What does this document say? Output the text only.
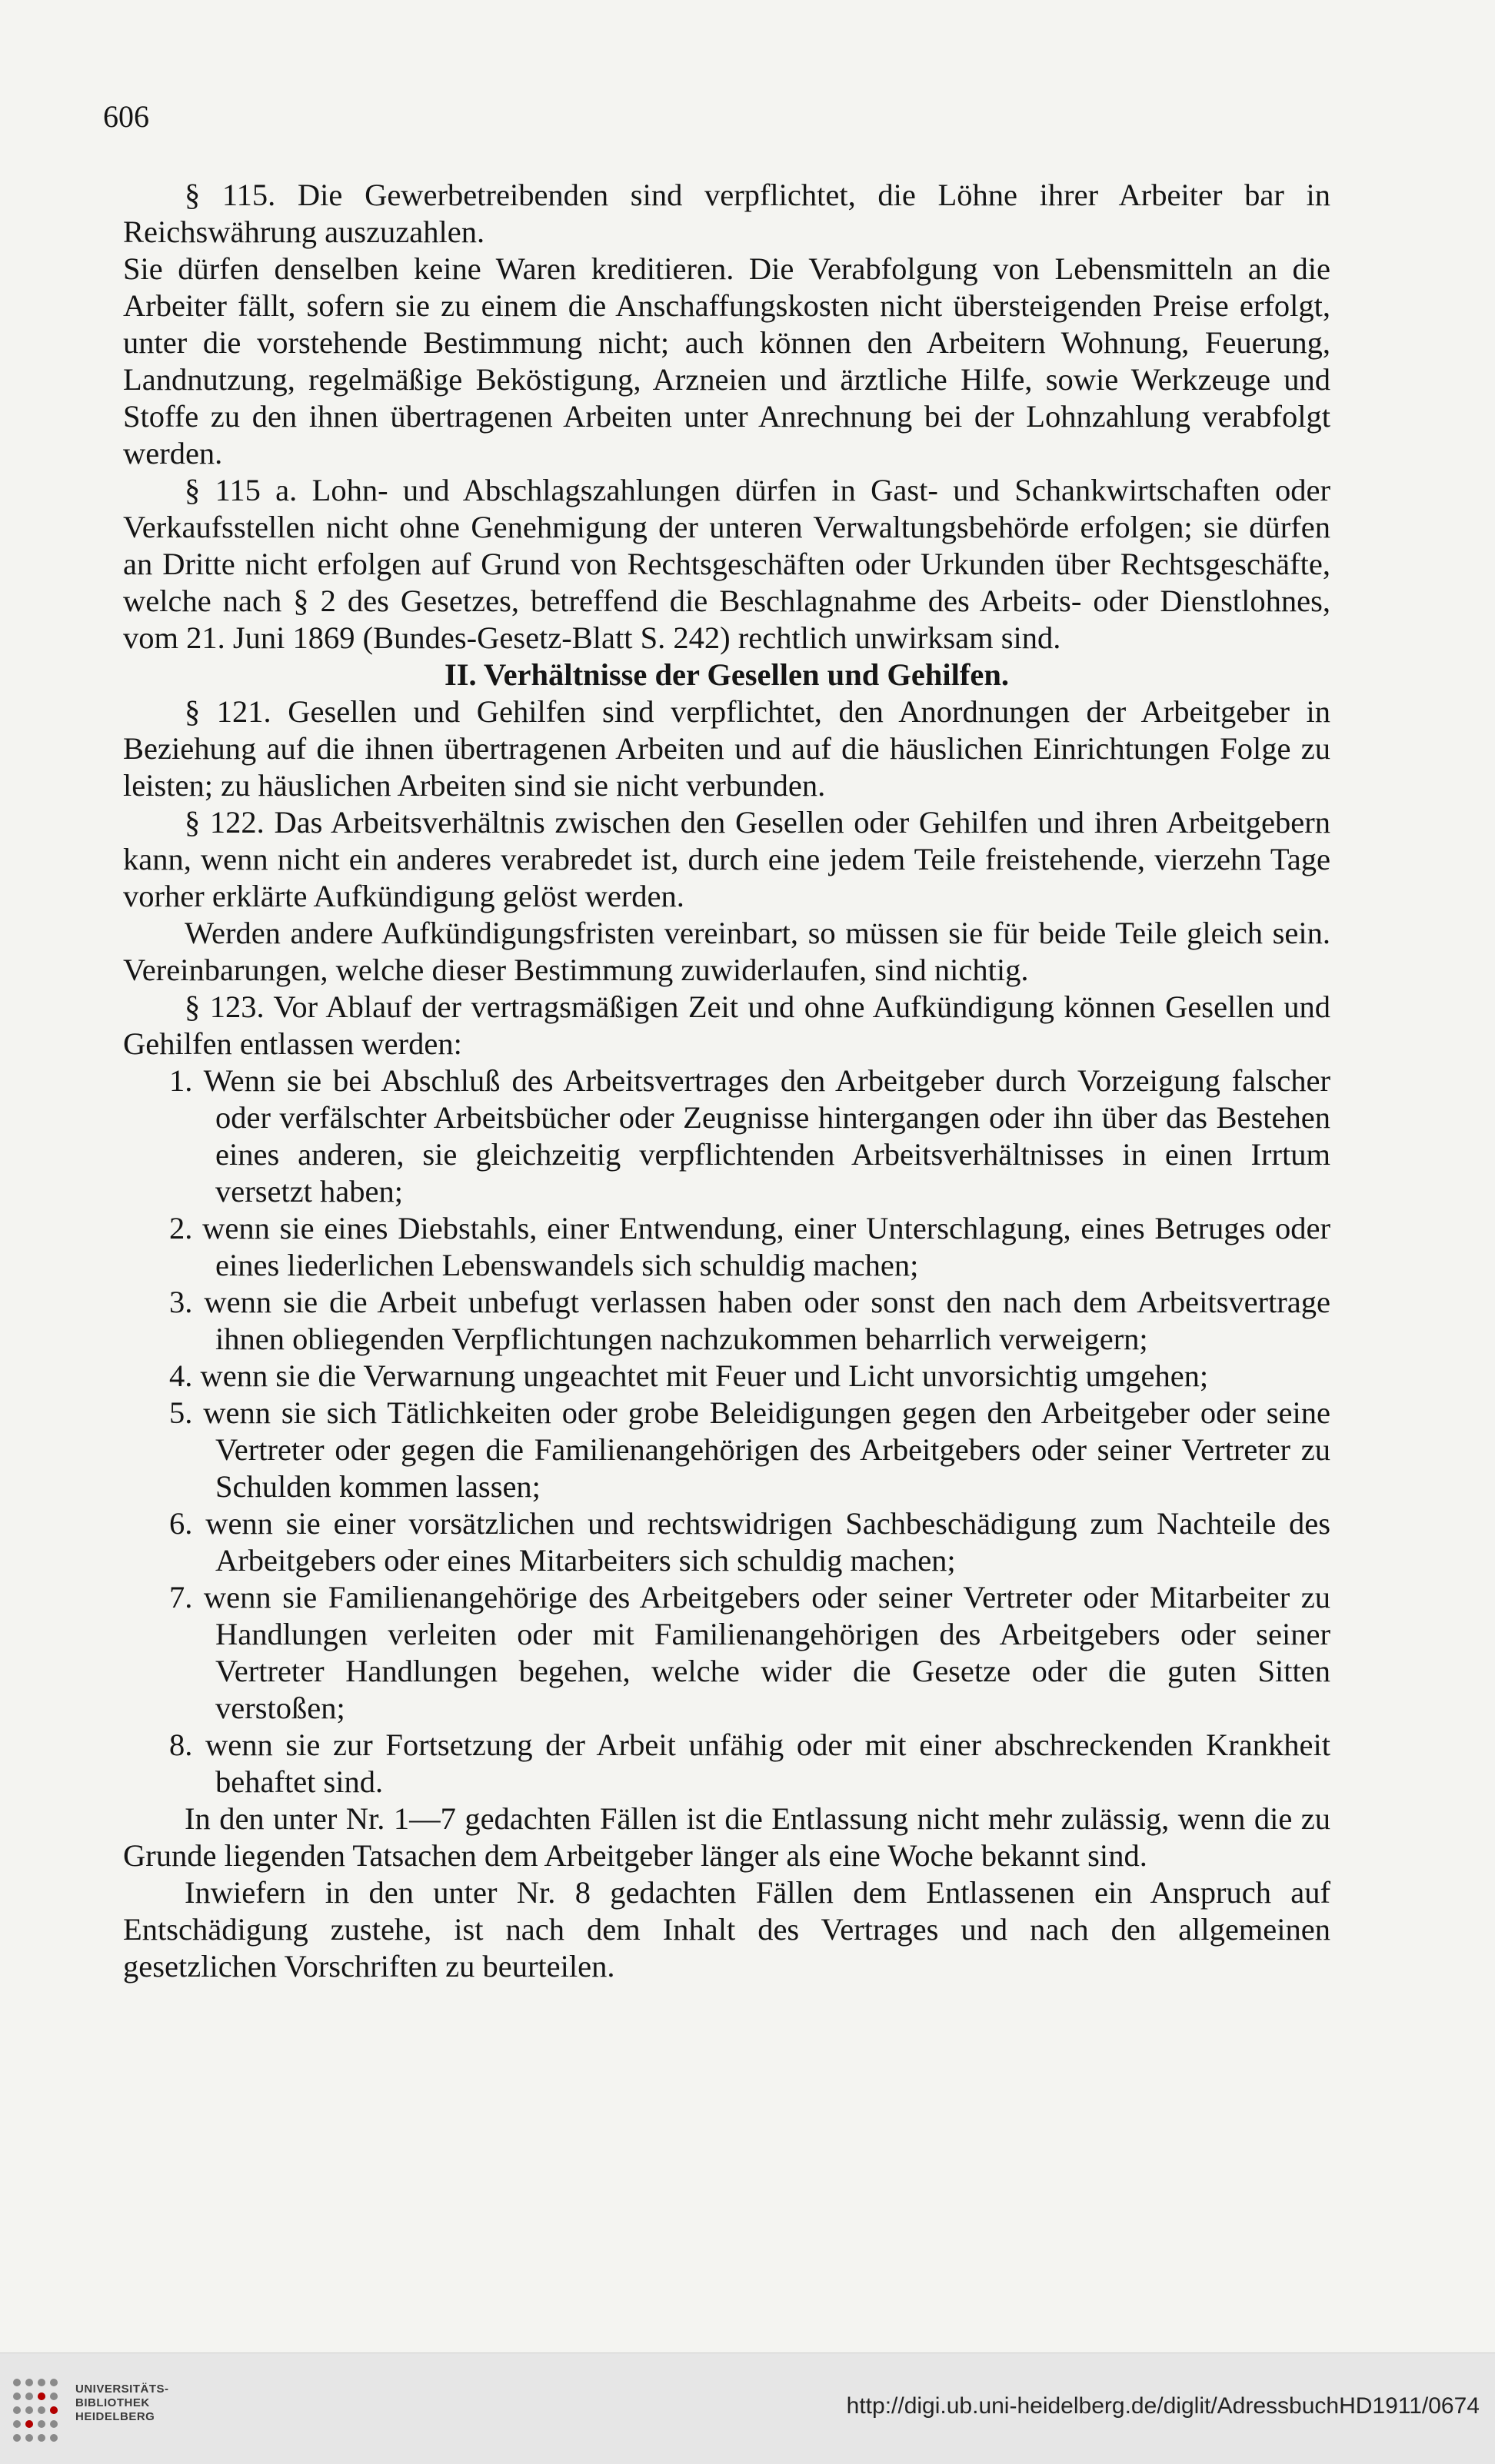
606

§ 115. Die Gewerbetreibenden sind verpflichtet, die Löhne ihrer Arbeiter bar in Reichswährung auszuzahlen.

Sie dürfen denselben keine Waren kreditieren. Die Verabfolgung von Lebensmitteln an die Arbeiter fällt, sofern sie zu einem die Anschaffungskosten nicht übersteigenden Preise erfolgt, unter die vorstehende Bestimmung nicht; auch können den Arbeitern Wohnung, Feuerung, Landnutzung, regelmäßige Beköstigung, Arzneien und ärztliche Hilfe, sowie Werkzeuge und Stoffe zu den ihnen übertragenen Arbeiten unter Anrechnung bei der Lohnzahlung verabfolgt werden.

§ 115 a. Lohn- und Abschlagszahlungen dürfen in Gast- und Schankwirtschaften oder Verkaufsstellen nicht ohne Genehmigung der unteren Verwaltungsbehörde erfolgen; sie dürfen an Dritte nicht erfolgen auf Grund von Rechtsgeschäften oder Urkunden über Rechtsgeschäfte, welche nach § 2 des Gesetzes, betreffend die Beschlagnahme des Arbeits- oder Dienstlohnes, vom 21. Juni 1869 (Bundes-Gesetz-Blatt S. 242) rechtlich unwirksam sind.

II. Verhältnisse der Gesellen und Gehilfen.

§ 121. Gesellen und Gehilfen sind verpflichtet, den Anordnungen der Arbeitgeber in Beziehung auf die ihnen übertragenen Arbeiten und auf die häuslichen Einrichtungen Folge zu leisten; zu häuslichen Arbeiten sind sie nicht verbunden.

§ 122. Das Arbeitsverhältnis zwischen den Gesellen oder Gehilfen und ihren Arbeitgebern kann, wenn nicht ein anderes verabredet ist, durch eine jedem Teile freistehende, vierzehn Tage vorher erklärte Aufkündigung gelöst werden.

Werden andere Aufkündigungsfristen vereinbart, so müssen sie für beide Teile gleich sein. Vereinbarungen, welche dieser Bestimmung zuwiderlaufen, sind nichtig.

§ 123. Vor Ablauf der vertragsmäßigen Zeit und ohne Aufkündigung können Gesellen und Gehilfen entlassen werden:

1. Wenn sie bei Abschluß des Arbeitsvertrages den Arbeitgeber durch Vorzeigung falscher oder verfälschter Arbeitsbücher oder Zeugnisse hintergangen oder ihn über das Bestehen eines anderen, sie gleichzeitig verpflichtenden Arbeitsverhältnisses in einen Irrtum versetzt haben;

2. wenn sie eines Diebstahls, einer Entwendung, einer Unterschlagung, eines Betruges oder eines liederlichen Lebenswandels sich schuldig machen;

3. wenn sie die Arbeit unbefugt verlassen haben oder sonst den nach dem Arbeitsvertrage ihnen obliegenden Verpflichtungen nachzukommen beharrlich verweigern;

4. wenn sie die Verwarnung ungeachtet mit Feuer und Licht unvorsichtig umgehen;

5. wenn sie sich Tätlichkeiten oder grobe Beleidigungen gegen den Arbeitgeber oder seine Vertreter oder gegen die Familienangehörigen des Arbeitgebers oder seiner Vertreter zu Schulden kommen lassen;

6. wenn sie einer vorsätzlichen und rechtswidrigen Sachbeschädigung zum Nachteile des Arbeitgebers oder eines Mitarbeiters sich schuldig machen;

7. wenn sie Familienangehörige des Arbeitgebers oder seiner Vertreter oder Mitarbeiter zu Handlungen verleiten oder mit Familienangehörigen des Arbeitgebers oder seiner Vertreter Handlungen begehen, welche wider die Gesetze oder die guten Sitten verstoßen;

8. wenn sie zur Fortsetzung der Arbeit unfähig oder mit einer abschreckenden Krankheit behaftet sind.

In den unter Nr. 1—7 gedachten Fällen ist die Entlassung nicht mehr zulässig, wenn die zu Grunde liegenden Tatsachen dem Arbeitgeber länger als eine Woche bekannt sind.

Inwiefern in den unter Nr. 8 gedachten Fällen dem Entlassenen ein Anspruch auf Entschädigung zustehe, ist nach dem Inhalt des Vertrages und nach den allgemeinen gesetzlichen Vorschriften zu beurteilen.

UNIVERSITÄTS-
BIBLIOTHEK
HEIDELBERG	http://digi.ub.uni-heidelberg.de/diglit/AdressbuchHD1911/0674
